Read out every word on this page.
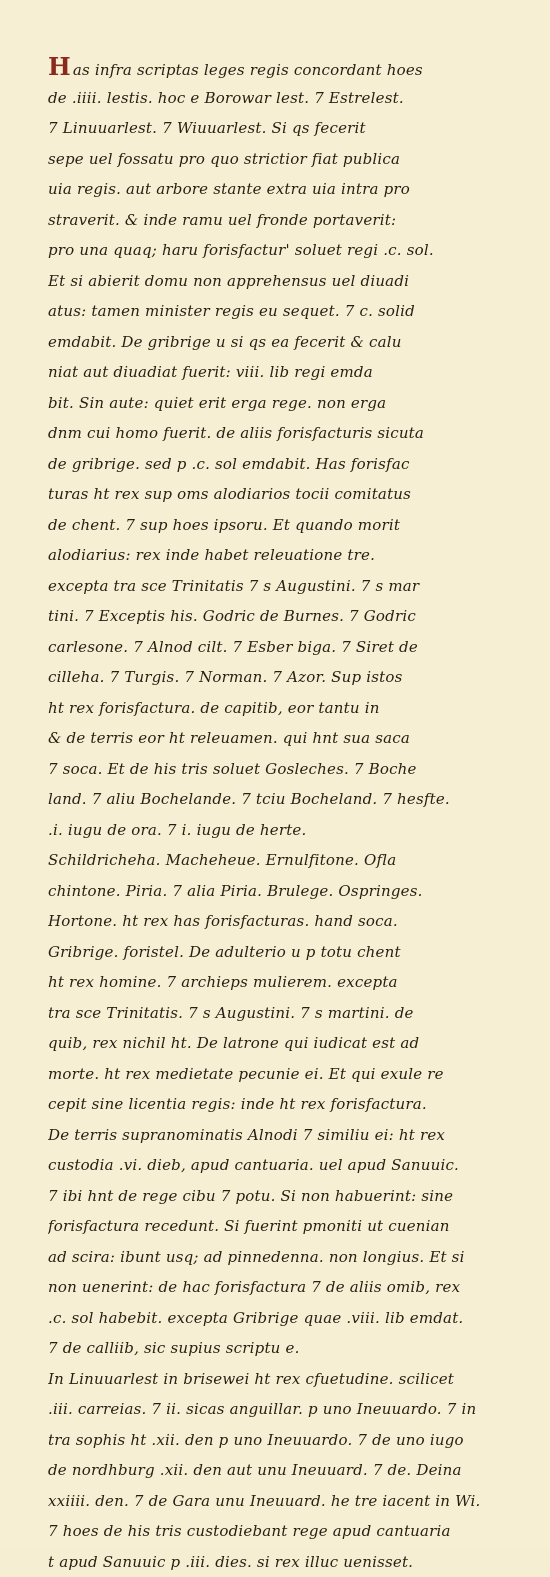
Has infra scriptas leges regis concordant hoes
de .iiii. lestis. hoc e Borowar lest. 7 Estrelest.
7 Linuuarlest. 7 Wiuuarlest. Si qs fecerit
sepe uel fossatu pro quo strictior fiat publica
uia regis. aut arbore stante extra uia intra pro
straverit. & inde ramu uel fronde portaverit:
pro una quaq; haru forisfactur' soluet regi .c. sol.
Et si abierit domu non apprehensus uel diuadi
atus: tamen minister regis eu sequet. 7 c. solid
emdabit. De gribrige u si qs ea fecerit & calu
niat aut diuadiat fuerit: viii. lib regi emda
bit. Sin aute: quiet erit erga rege. non erga
dnm cui homo fuerit. de aliis forisfacturis sicuta
de gribrige. sed p .c. sol emdabit. Has forisfac
turas ht rex sup oms alodiarios tocii comitatus
de chent. 7 sup hoes ipsoru. Et quando morit
alodiarius: rex inde habet releuatione tre.
excepta tra sce Trinitatis 7 s Augustini. 7 s mar
tini. 7 Exceptis his. Godric de Burnes. 7 Godric
carlesone. 7 Alnod cilt. 7 Esber biga. 7 Siret de
cilleha. 7 Turgis. 7 Norman. 7 Azor. Sup istos
ht rex forisfactura. de capitib, eor tantu in
& de terris eor ht releuamen. qui hnt sua saca
7 soca. Et de his tris soluet Gosleches. 7 Boche
land. 7 aliu Bochelande. 7 tciu Bocheland. 7 hesfte.
.i. iugu de ora. 7 i. iugu de herte.
Schildricheha. Macheheue. Ernulfitone. Ofla
chintone. Piria. 7 alia Piria. Brulege. Ospringes.
Hortone. ht rex has forisfacturas. hand soca.
Gribrige. foristel. De adulterio u p totu chent
ht rex homine. 7 archieps mulierem. excepta
tra sce Trinitatis. 7 s Augustini. 7 s martini. de
quib, rex nichil ht. De latrone qui iudicat est ad
morte. ht rex medietate pecunie ei. Et qui exule re
cepit sine licentia regis: inde ht rex forisfactura.
De terris supranominatis Alnodi 7 similiu ei: ht rex
custodia .vi. dieb, apud cantuaria. uel apud Sanuuic.
7 ibi hnt de rege cibu 7 potu. Si non habuerint: sine
forisfactura recedunt. Si fuerint pmoniti ut cuenian
ad scira: ibunt usq; ad pinnedenna. non longius. Et si
non uenerint: de hac forisfactura 7 de aliis omib, rex
.c. sol habebit. excepta Gribrige quae .viii. lib emdat.
7 de calliib, sic supius scriptu e.
In Linuuarlest in brisewei ht rex cfuetudine. scilicet
.iii. carreias. 7 ii. sicas anguillar. p uno Ineuuardo. 7 in
tra sophis ht .xii. den p uno Ineuuardo. 7 de uno iugo
de nordhburg .xii. den aut unu Ineuuard. 7 de. Deina
xxiiii. den. 7 de Gara unu Ineuuard. he tre iacent in Wi.
7 hoes de his tris custodiebant rege apud cantuaria
t apud Sanuuic p .iii. dies. si rex illuc uenisset.
